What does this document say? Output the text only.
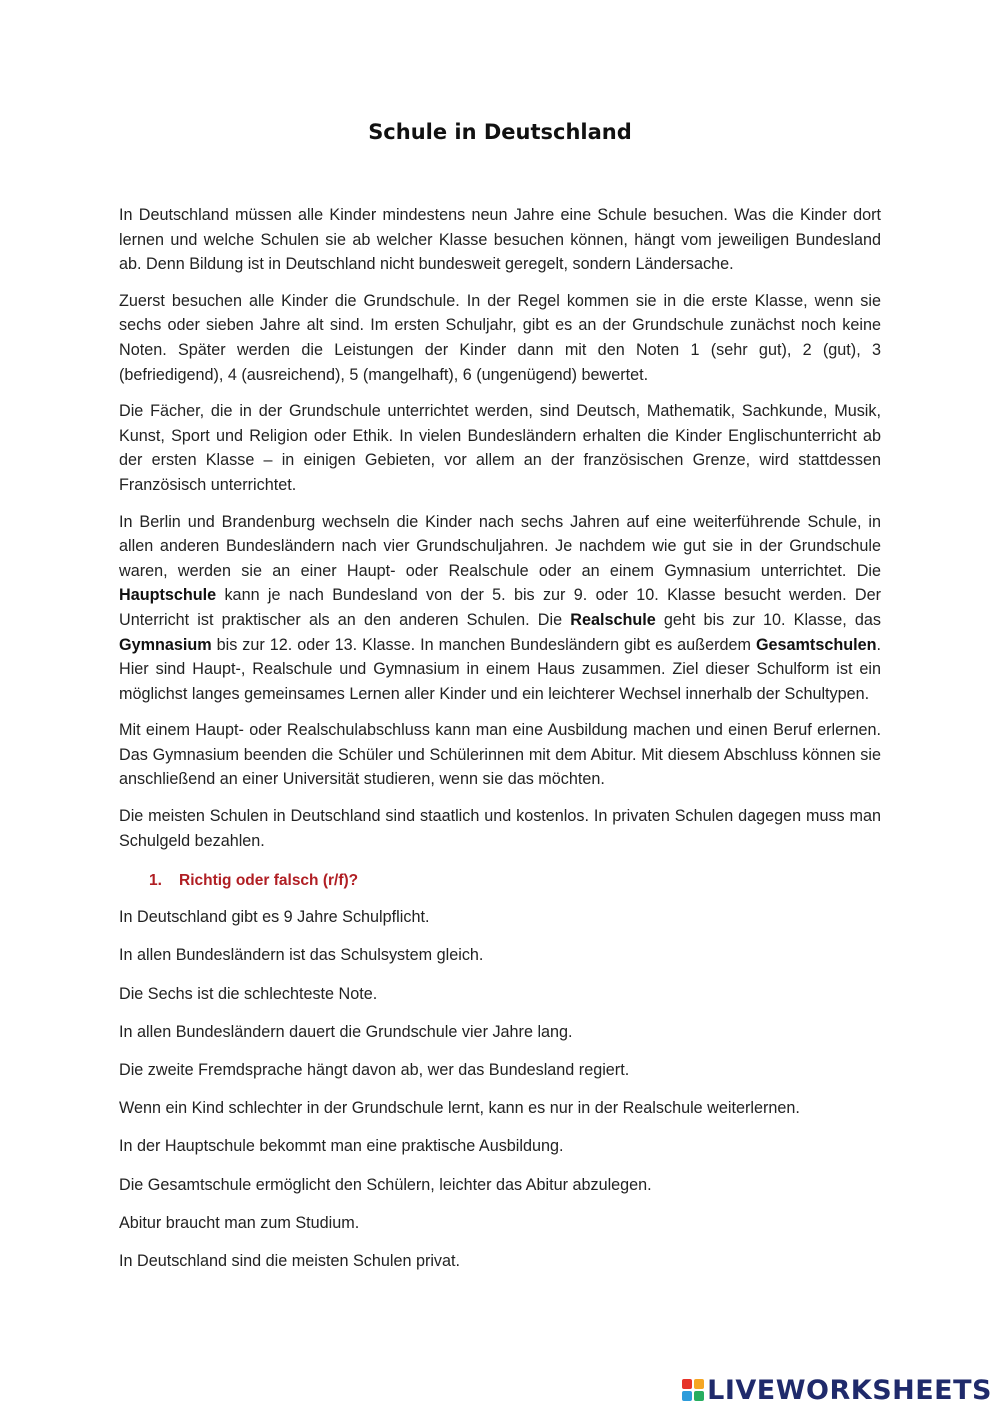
Schule in Deutschland

In Deutschland müssen alle Kinder mindestens neun Jahre eine Schule besuchen. Was die Kinder dort lernen und welche Schulen sie ab welcher Klasse besuchen können, hängt vom jeweiligen Bundesland ab. Denn Bildung ist in Deutschland nicht bundesweit geregelt, sondern Ländersache.

Zuerst besuchen alle Kinder die Grundschule. In der Regel kommen sie in die erste Klasse, wenn sie sechs oder sieben Jahre alt sind. Im ersten Schuljahr, gibt es an der Grundschule zunächst noch keine Noten. Später werden die Leistungen der Kinder dann mit den Noten 1 (sehr gut), 2 (gut), 3 (befriedigend), 4 (ausreichend), 5 (mangelhaft), 6 (ungenügend) bewertet.

Die Fächer, die in der Grundschule unterrichtet werden, sind Deutsch, Mathematik, Sachkunde, Musik, Kunst, Sport und Religion oder Ethik. In vielen Bundesländern erhalten die Kinder Englischunterricht ab der ersten Klasse – in einigen Gebieten, vor allem an der französischen Grenze, wird stattdessen Französisch unterrichtet.

In Berlin und Brandenburg wechseln die Kinder nach sechs Jahren auf eine weiterführende Schule, in allen anderen Bundesländern nach vier Grundschuljahren. Je nachdem wie gut sie in der Grundschule waren, werden sie an einer Haupt- oder Realschule oder an einem Gymnasium unterrichtet. Die Hauptschule kann je nach Bundesland von der 5. bis zur 9. oder 10. Klasse besucht werden. Der Unterricht ist praktischer als an den anderen Schulen. Die Realschule geht bis zur 10. Klasse, das Gymnasium bis zur 12. oder 13. Klasse. In manchen Bundesländern gibt es außerdem Gesamtschulen. Hier sind Haupt-, Realschule und Gymnasium in einem Haus zusammen. Ziel dieser Schulform ist ein möglichst langes gemeinsames Lernen aller Kinder und ein leichterer Wechsel innerhalb der Schultypen.

Mit einem Haupt- oder Realschulabschluss kann man eine Ausbildung machen und einen Beruf erlernen. Das Gymnasium beenden die Schüler und Schülerinnen mit dem Abitur. Mit diesem Abschluss können sie anschließend an einer Universität studieren, wenn sie das möchten.

Die meisten Schulen in Deutschland sind staatlich und kostenlos. In privaten Schulen dagegen muss man Schulgeld bezahlen.

1. Richtig oder falsch (r/f)?
In Deutschland gibt es 9 Jahre Schulpflicht.
In allen Bundesländern ist das Schulsystem gleich.
Die Sechs ist die schlechteste Note.
In allen Bundesländern dauert die Grundschule vier Jahre lang.
Die zweite Fremdsprache hängt davon ab, wer das Bundesland regiert.
Wenn ein Kind schlechter in der Grundschule lernt, kann es nur in der Realschule weiterlernen.
In der Hauptschule bekommt man eine praktische Ausbildung.
Die Gesamtschule ermöglicht den Schülern, leichter das Abitur abzulegen.
Abitur braucht man zum Studium.
In Deutschland sind die meisten Schulen privat.
LIVEWORKSHEETS
